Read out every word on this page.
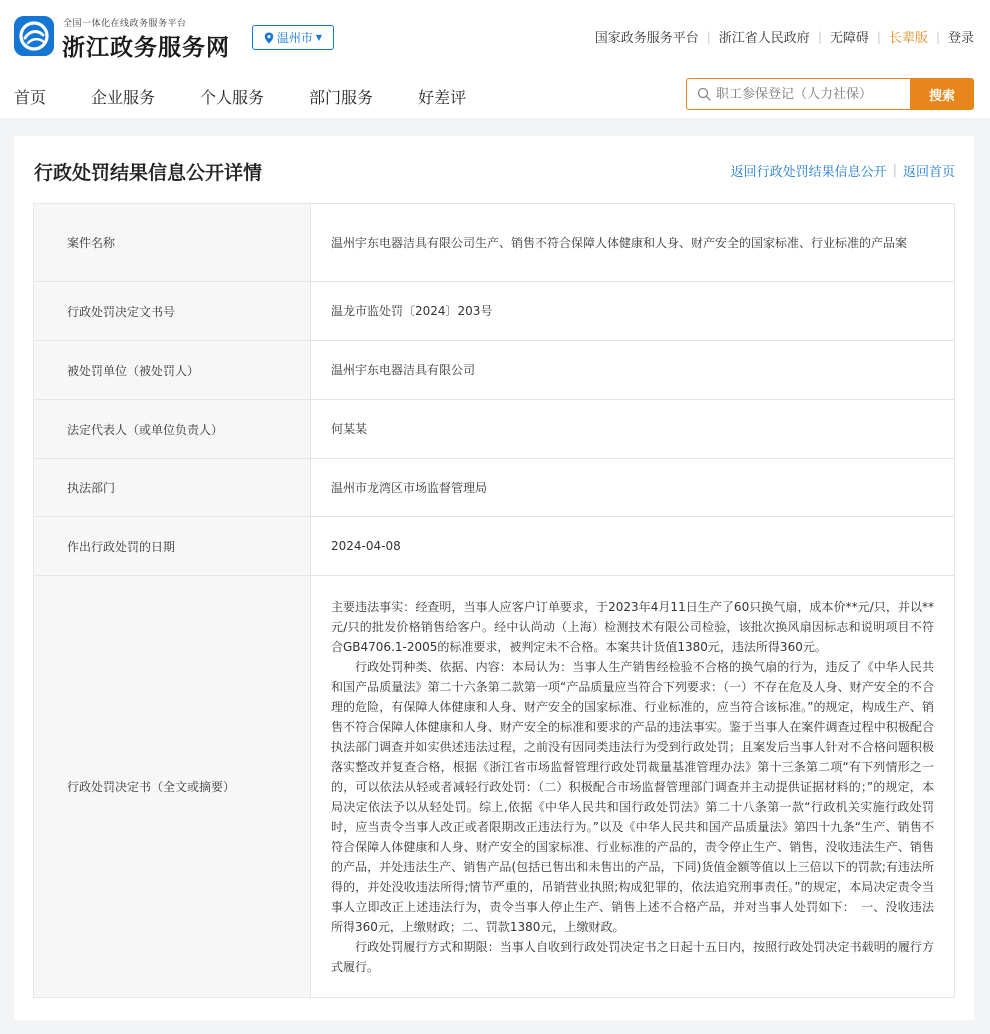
全国一体化在线政务服务平台
浙江政务服务网	温州市 ▼	国家政务服务平台 | 浙江省人民政府 | 无障碍 | 长辈版 | 登录
首页	企业服务	个人服务	部门服务	好差评
职工参保登记（人力社保）	搜索
行政处罚结果信息公开详情	返回行政处罚结果信息公开 | 返回首页
案件名称	温州宇东电器洁具有限公司生产、销售不符合保障人体健康和人身、财产安全的国家标准、行业标准的产品案
行政处罚决定文书号	温龙市监处罚〔2024〕203号
被处罚单位（被处罚人）	温州宇东电器洁具有限公司
法定代表人（或单位负责人）	何某某
执法部门	温州市龙湾区市场监督管理局
作出行政处罚的日期	2024-04-08
行政处罚决定书（全文或摘要）	主要违法事实：经查明，当事人应客户订单要求，于2023年4月11日生产了60只换气扇，成本价**元/只，并以**元/只的批发价格销售给客户。经中认尚动（上海）检测技术有限公司检验，该批次换风扇因标志和说明项目不符合GB4706.1-2005的标准要求，被判定未不合格。本案共计货值1380元，违法所得360元。

行政处罚种类、依据、内容：本局认为：当事人生产销售经检验不合格的换气扇的行为，违反了《中华人民共和国产品质量法》第二十六条第二款第一项“产品质量应当符合下列要求：（一）不存在危及人身、财产安全的不合理的危险，有保障人体健康和人身、财产安全的国家标准、行业标准的，应当符合该标准。”的规定，构成生产、销售不符合保障人体健康和人身、财产安全的标准和要求的产品的违法事实。鉴于当事人在案件调查过程中积极配合执法部门调查并如实供述违法过程，之前没有因同类违法行为受到行政处罚；且案发后当事人针对不合格问题积极落实整改并复查合格，根据《浙江省市场监督管理行政处罚裁量基准管理办法》第十三条第二项“有下列情形之一的，可以依法从轻或者减轻行政处罚：（二）积极配合市场监督管理部门调查并主动提供证据材料的；”的规定，本局决定依法予以从轻处罚。综上,依据《中华人民共和国行政处罚法》第二十八条第一款“行政机关实施行政处罚时，应当责令当事人改正或者限期改正违法行为。”以及《中华人民共和国产品质量法》第四十九条“生产、销售不符合保障人体健康和人身、财产安全的国家标准、行业标准的产品的，责令停止生产、销售，没收违法生产、销售的产品，并处违法生产、销售产品(包括已售出和未售出的产品，下同)货值金额等值以上三倍以下的罚款;有违法所得的，并处没收违法所得;情节严重的，吊销营业执照;构成犯罪的，依法追究刑事责任。”的规定，本局决定责令当事人立即改正上述违法行为，责令当事人停止生产、销售上述不合格产品，并对当事人处罚如下：　一、没收违法所得360元，上缴财政；二、罚款1380元，上缴财政。

行政处罚履行方式和期限：当事人自收到行政处罚决定书之日起十五日内，按照行政处罚决定书载明的履行方式履行。
